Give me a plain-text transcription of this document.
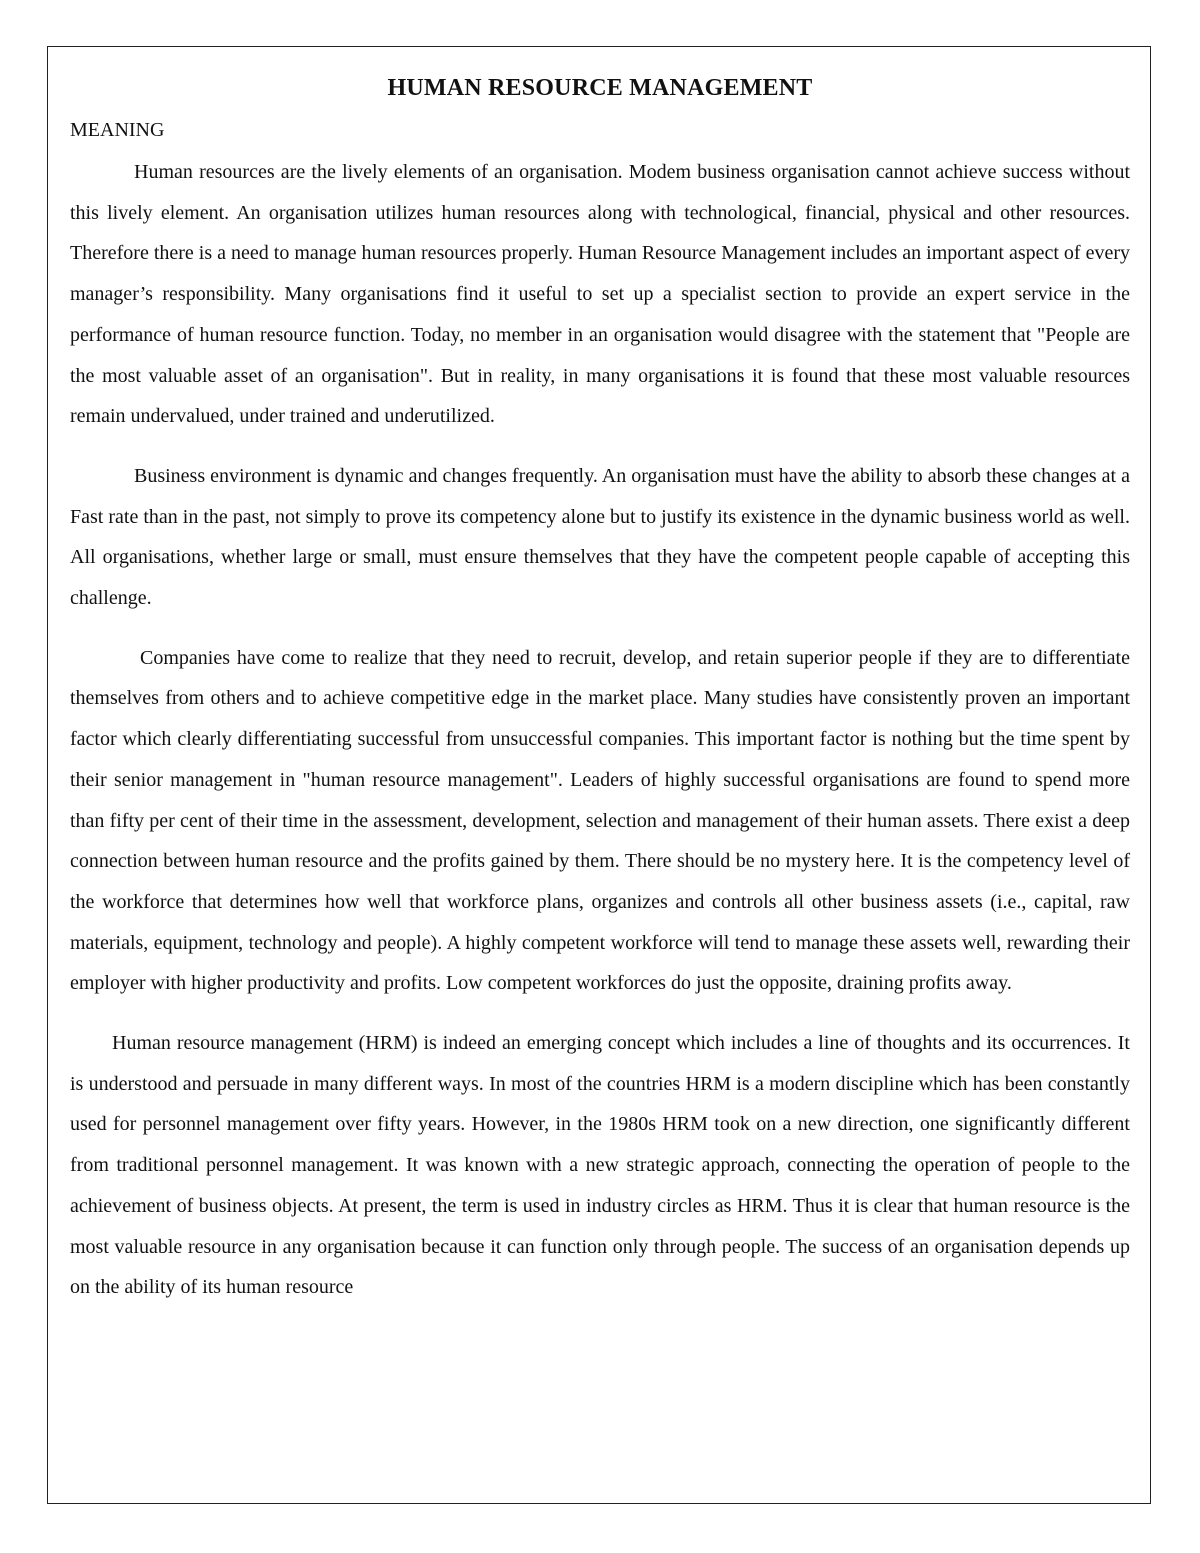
HUMAN RESOURCE MANAGEMENT
MEANING

Human resources are the lively elements of an organisation. Modem business organisation cannot achieve success without this lively element. An organisation utilizes human resources along with technological, financial, physical and other resources. Therefore there is a need to manage human resources properly. Human Resource Management includes an important aspect of every manager’s responsibility. Many organisations find it useful to set up a specialist section to provide an expert service in the performance of human resource function. Today, no member in an organisation would disagree with the statement that "People are the most valuable asset of an organisation". But in reality, in many organisations it is found that these most valuable resources remain undervalued, under trained and underutilized.

Business environment is dynamic and changes frequently. An organisation must have the ability to absorb these changes at a Fast rate than in the past, not simply to prove its competency alone but to justify its existence in the dynamic business world as well. All organisations, whether large or small, must ensure themselves that they have the competent people capable of accepting this challenge.

Companies have come to realize that they need to recruit, develop, and retain superior people if they are to differentiate themselves from others and to achieve competitive edge in the market place. Many studies have consistently proven an important factor which clearly differentiating successful from unsuccessful companies. This important factor is nothing but the time spent by their senior management in "human resource management". Leaders of highly successful organisations are found to spend more than fifty per cent of their time in the assessment, development, selection and management of their human assets. There exist a deep connection between human resource and the profits gained by them. There should be no mystery here. It is the competency level of the workforce that determines how well that workforce plans, organizes and controls all other business assets (i.e., capital, raw materials, equipment, technology and people). A highly competent workforce will tend to manage these assets well, rewarding their employer with higher productivity and profits. Low competent workforces do just the opposite, draining profits away.

Human resource management (HRM) is indeed an emerging concept which includes a line of thoughts and its occurrences. It is understood and persuade in many different ways. In most of the countries HRM is a modern discipline which has been constantly used for personnel management over fifty years. However, in the 1980s HRM took on a new direction, one significantly different from traditional personnel management. It was known with a new strategic approach, connecting the operation of people to the achievement of business objects. At present, the term is used in industry circles as HRM. Thus it is clear that human resource is the most valuable resource in any organisation because it can function only through people. The success of an organisation depends up on the ability of its human resource
